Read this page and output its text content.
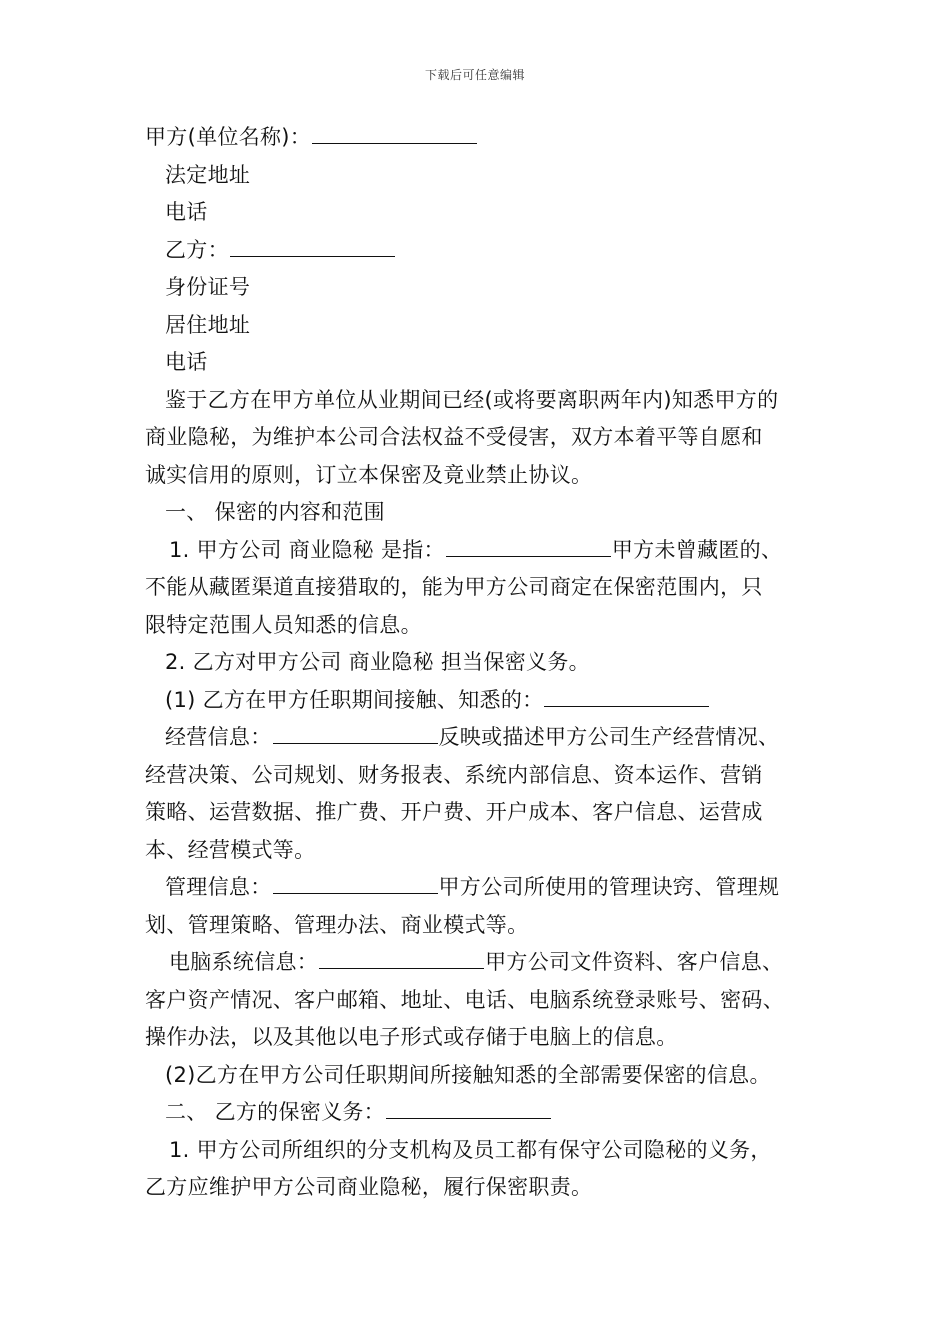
下载后可任意编辑
甲方(单位名称)：
法定地址
电话
乙方：
身份证号
居住地址
电话
鉴于乙方在甲方单位从业期间已经(或将要离职两年内)知悉甲方的
商业隐秘，为维护本公司合法权益不受侵害，双方本着平等自愿和
诚实信用的原则，订立本保密及竟业禁止协议。
一、 保密的内容和范围
1. 甲方公司 商业隐秘 是指：	甲方未曾藏匿的、
不能从藏匿渠道直接猎取的，能为甲方公司商定在保密范围内，只
限特定范围人员知悉的信息。
2. 乙方对甲方公司 商业隐秘 担当保密义务。
(1) 乙方在甲方任职期间接触、知悉的：
经营信息：	反映或描述甲方公司生产经营情况、
经营决策、公司规划、财务报表、系统内部信息、资本运作、营销
策略、运营数据、推广费、开户费、开户成本、客户信息、运营成
本、经营模式等。
管理信息：	甲方公司所使用的管理诀窍、管理规
划、管理策略、管理办法、商业模式等。
电脑系统信息：	甲方公司文件资料、客户信息、
客户资产情况、客户邮箱、地址、电话、电脑系统登录账号、密码、
操作办法，以及其他以电子形式或存储于电脑上的信息。
(2)乙方在甲方公司任职期间所接触知悉的全部需要保密的信息。
二、 乙方的保密义务：
1. 甲方公司所组织的分支机构及员工都有保守公司隐秘的义务，
乙方应维护甲方公司商业隐秘，履行保密职责。
